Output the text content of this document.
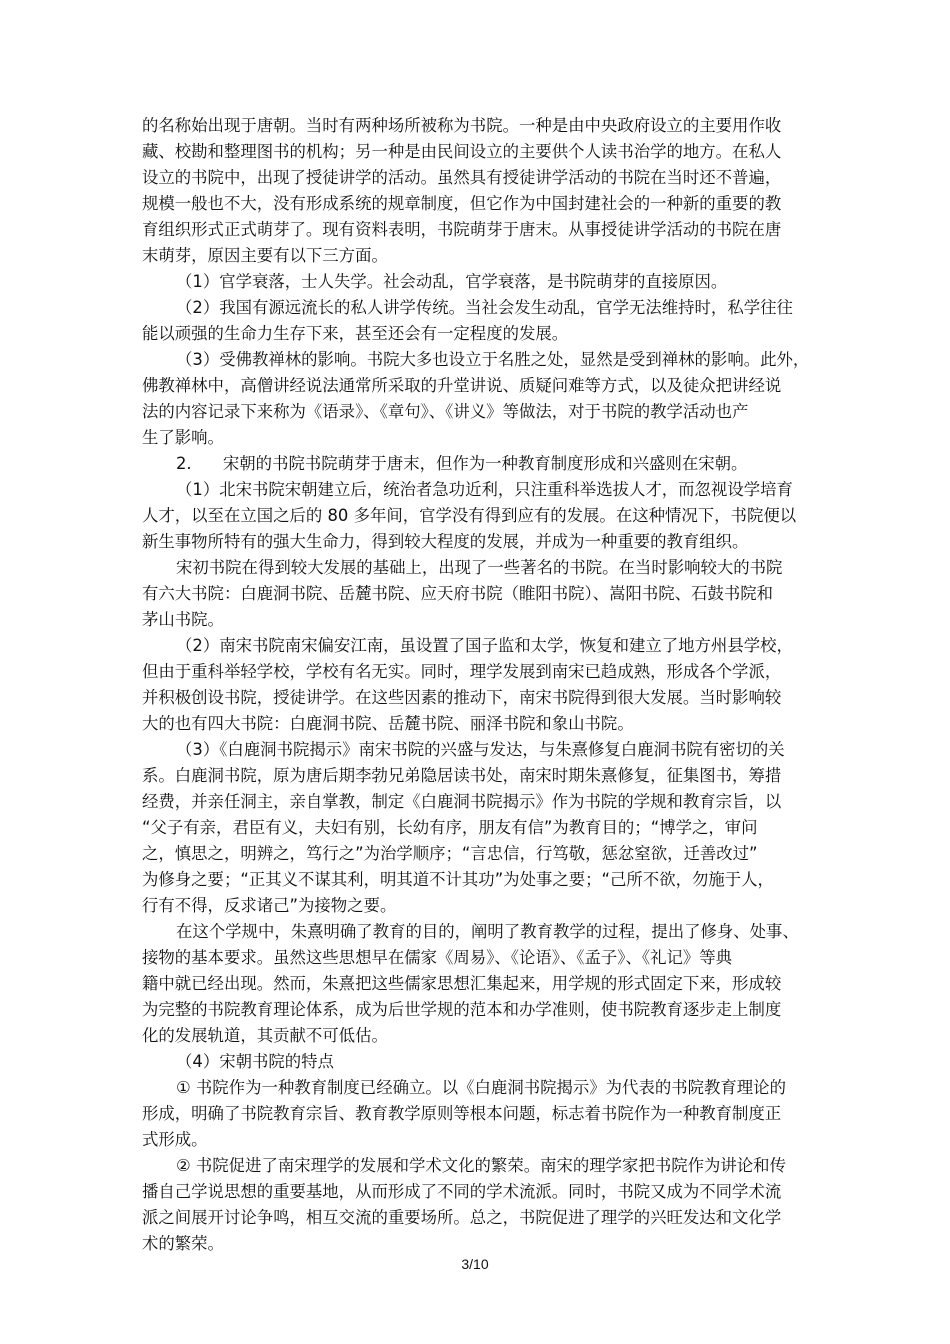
的名称始出现于唐朝。当时有两种场所被称为书院。一种是由中央政府设立的主要用作收
藏、校勘和整理图书的机构；另一种是由民间设立的主要供个人读书治学的地方。在私人
设立的书院中，出现了授徒讲学的活动。虽然具有授徒讲学活动的书院在当时还不普遍，
规模一般也不大，没有形成系统的规章制度，但它作为中国封建社会的一种新的重要的教
育组织形式正式萌芽了。现有资料表明，书院萌芽于唐末。从事授徒讲学活动的书院在唐
末萌芽，原因主要有以下三方面。
（1）官学衰落，士人失学。社会动乱，官学衰落，是书院萌芽的直接原因。
（2）我国有源远流长的私人讲学传统。当社会发生动乱，官学无法维持时，私学往往
能以顽强的生命力生存下来，甚至还会有一定程度的发展。
（3）受佛教禅林的影响。书院大多也设立于名胜之处，显然是受到禅林的影响。此外，
佛教禅林中，高僧讲经说法通常所采取的升堂讲说、质疑问难等方式，以及徒众把讲经说
法的内容记录下来称为《语录》、《章句》、《讲义》等做法，对于书院的教学活动也产
生了影响。
2.      宋朝的书院书院萌芽于唐末，但作为一种教育制度形成和兴盛则在宋朝。
（1）北宋书院宋朝建立后，统治者急功近利，只注重科举选拔人才，而忽视设学培育
人才，以至在立国之后的 80 多年间，官学没有得到应有的发展。在这种情况下，书院便以
新生事物所特有的强大生命力，得到较大程度的发展，并成为一种重要的教育组织。
宋初书院在得到较大发展的基础上，出现了一些著名的书院。在当时影响较大的书院
有六大书院：白鹿洞书院、岳麓书院、应天府书院（睢阳书院）、嵩阳书院、石鼓书院和
茅山书院。
（2）南宋书院南宋偏安江南，虽设置了国子监和太学，恢复和建立了地方州县学校，
但由于重科举轻学校，学校有名无实。同时，理学发展到南宋已趋成熟，形成各个学派，
并积极创设书院，授徒讲学。在这些因素的推动下，南宋书院得到很大发展。当时影响较
大的也有四大书院：白鹿洞书院、岳麓书院、丽泽书院和象山书院。
（3）《白鹿洞书院揭示》南宋书院的兴盛与发达，与朱熹修复白鹿洞书院有密切的关
系。白鹿洞书院，原为唐后期李勃兄弟隐居读书处，南宋时期朱熹修复，征集图书，筹措
经费，并亲任洞主，亲自掌教，制定《白鹿洞书院揭示》作为书院的学规和教育宗旨，以
“父子有亲，君臣有义，夫妇有别，长幼有序，朋友有信”为教育目的；“博学之，审问
之，慎思之，明辨之，笃行之”为治学顺序；“言忠信，行笃敬，惩忿窒欲，迁善改过”
为修身之要；“正其义不谋其利，明其道不计其功”为处事之要；“己所不欲，勿施于人，
行有不得，反求诸己”为接物之要。
在这个学规中，朱熹明确了教育的目的，阐明了教育教学的过程，提出了修身、处事、
接物的基本要求。虽然这些思想早在儒家《周易》、《论语》、《孟子》、《礼记》等典
籍中就已经出现。然而，朱熹把这些儒家思想汇集起来，用学规的形式固定下来，形成较
为完整的书院教育理论体系，成为后世学规的范本和办学准则，使书院教育逐步走上制度
化的发展轨道，其贡献不可低估。
（4）宋朝书院的特点
① 书院作为一种教育制度已经确立。以《白鹿洞书院揭示》为代表的书院教育理论的
形成，明确了书院教育宗旨、教育教学原则等根本问题，标志着书院作为一种教育制度正
式形成。
② 书院促进了南宋理学的发展和学术文化的繁荣。南宋的理学家把书院作为讲论和传
播自己学说思想的重要基地，从而形成了不同的学术流派。同时，书院又成为不同学术流
派之间展开讨论争鸣，相互交流的重要场所。总之，书院促进了理学的兴旺发达和文化学
术的繁荣。
3/10
